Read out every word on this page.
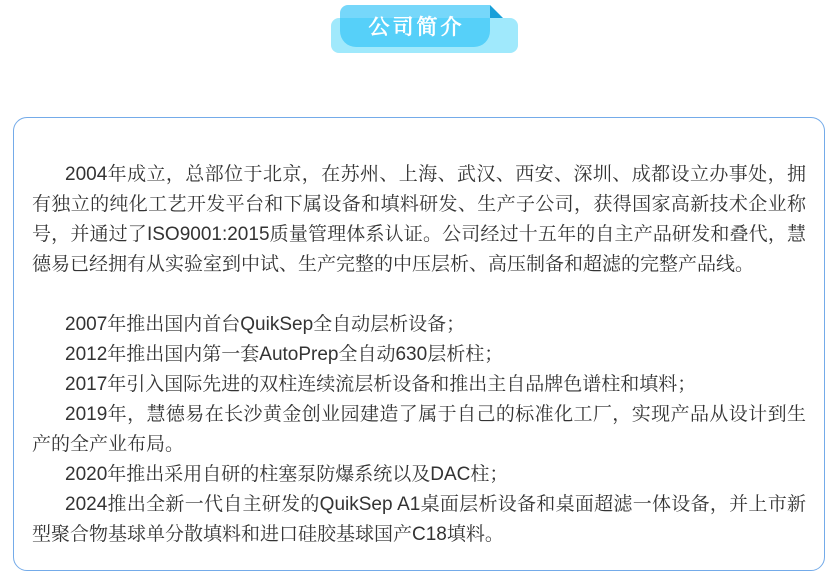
公司简介

2004年成立，总部位于北京，在苏州、上海、武汉、西安、深圳、成都设立办事处，拥有独立的纯化工艺开发平台和下属设备和填料研发、生产子公司，获得国家高新技术企业称号，并通过了ISO9001:2015质量管理体系认证。公司经过十五年的自主产品研发和叠代，慧德易已经拥有从实验室到中试、生产完整的中压层析、高压制备和超滤的完整产品线。

2007年推出国内首台QuikSep全自动层析设备；

2012年推出国内第一套AutoPrep全自动630层析柱；

2017年引入国际先进的双柱连续流层析设备和推出主自品牌色谱柱和填料；

2019年，慧德易在长沙黄金创业园建造了属于自己的标准化工厂，实现产品从设计到生产的全产业布局。

2020年推出采用自研的柱塞泵防爆系统以及DAC柱；

2024推出全新一代自主研发的QuikSep A1桌面层析设备和桌面超滤一体设备，并上市新型聚合物基球单分散填料和进口硅胶基球国产C18填料。
